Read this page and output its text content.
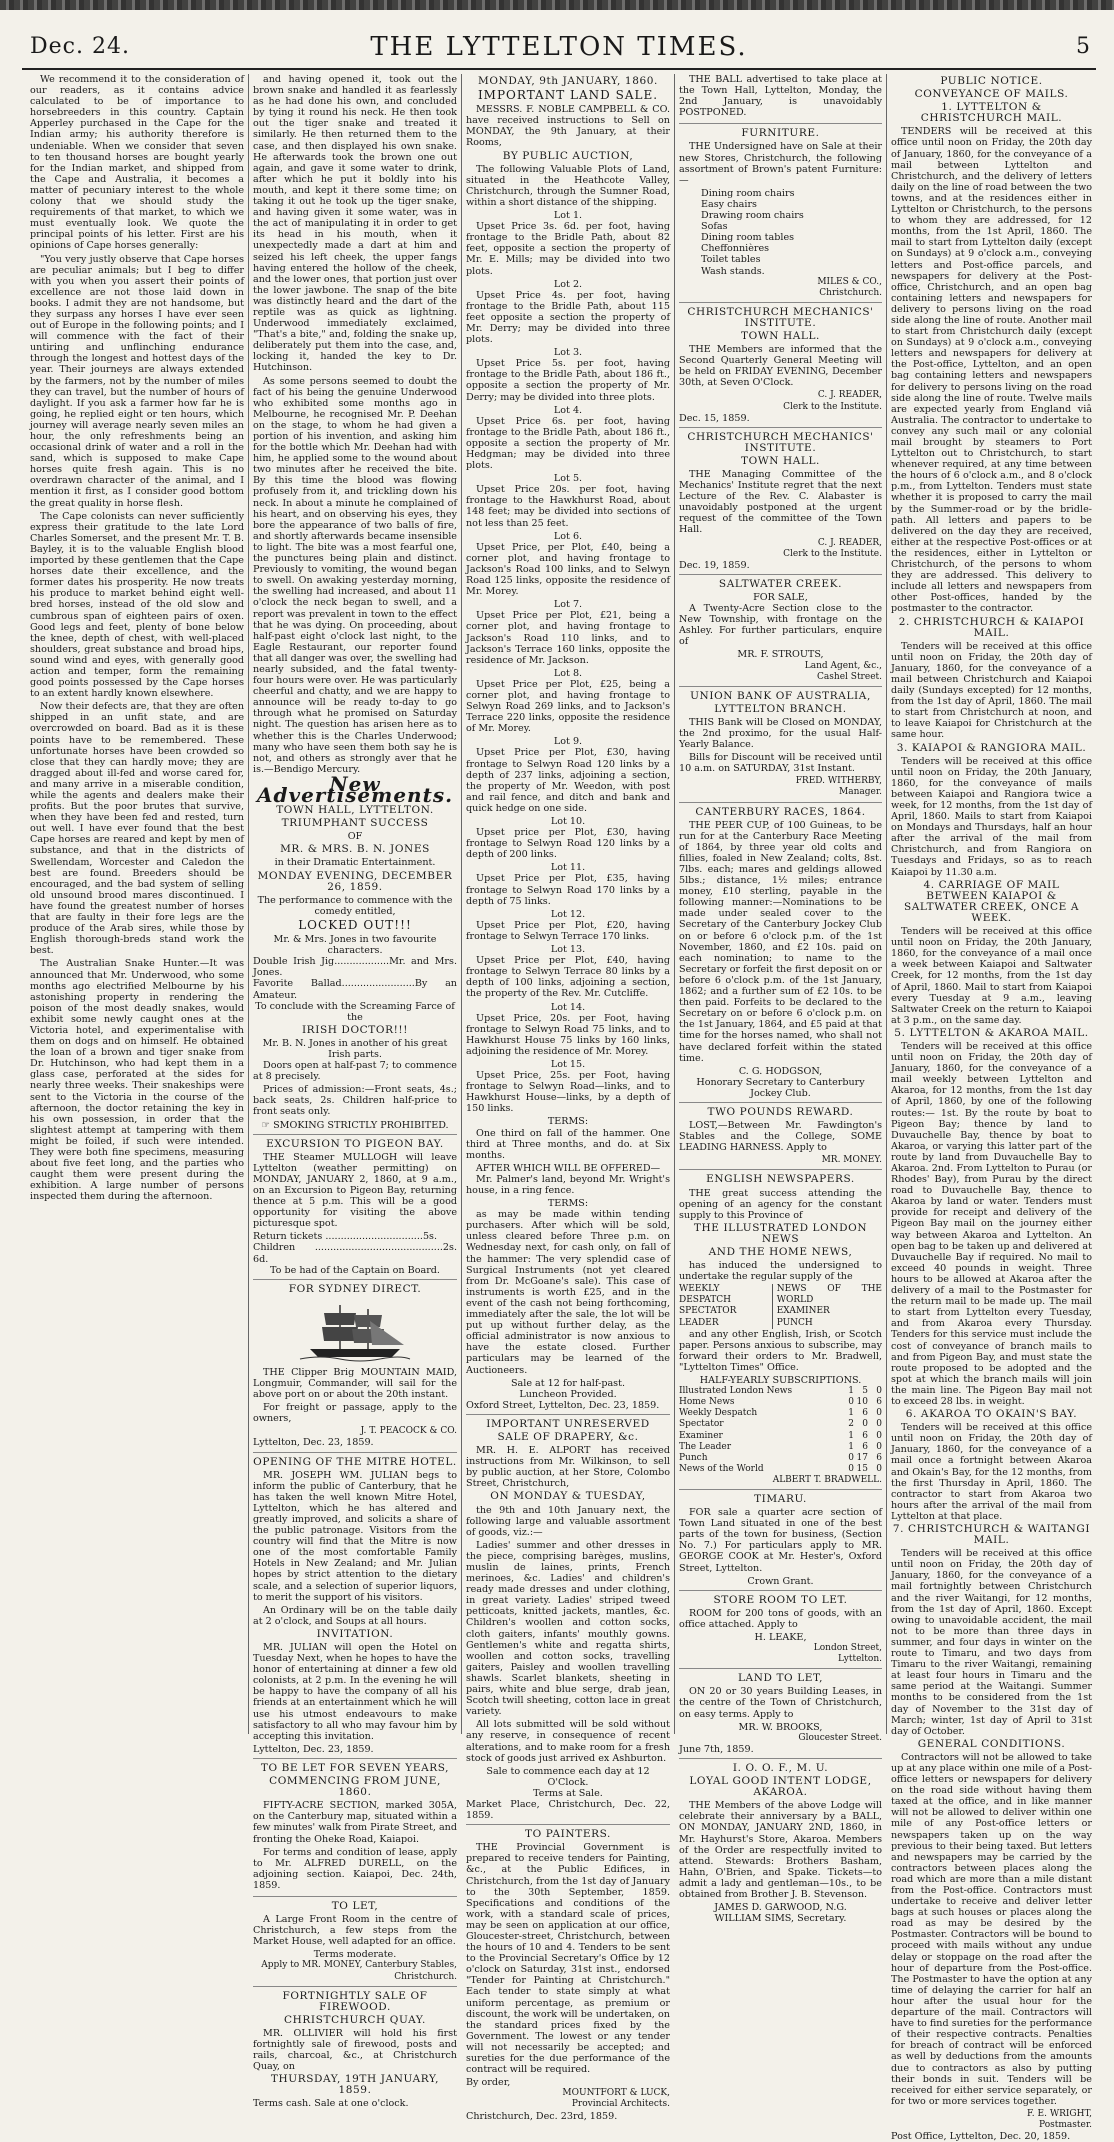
Dec. 24.	THE LYTTELTON TIMES.	5

We recommend it to the consideration of our readers, as it contains advice calculated to be of importance to horsebreeders in this country. Captain Apperley purchased in the Cape for the Indian army; his authority therefore is undeniable. When we consider that seven to ten thousand horses are bought yearly for the Indian market, and shipped from the Cape and Australia, it becomes a matter of pecuniary interest to the whole colony that we should study the requirements of that market, to which we must eventually look. We quote the principal points of his letter. First are his opinions of Cape horses generally:

"You very justly observe that Cape horses are peculiar animals; but I beg to differ with you when you assert their points of excellence are not those laid down in books. I admit they are not handsome, but they surpass any horses I have ever seen out of Europe in the following points; and I will commence with the fact of their untiring and unflinching endurance through the longest and hottest days of the year. Their journeys are always extended by the farmers, not by the number of miles they can travel, but the number of hours of daylight. If you ask a farmer how far he is going, he replied eight or ten hours, which journey will average nearly seven miles an hour, the only refreshments being an occasional drink of water and a roll in the sand, which is supposed to make Cape horses quite fresh again. This is no overdrawn character of the animal, and I mention it first, as I consider good bottom the great quality in horse flesh.

The Cape colonists can never sufficiently express their gratitude to the late Lord Charles Somerset, and the present Mr. T. B. Bayley, it is to the valuable English blood imported by these gentlemen that the Cape horses date their excellence, and the former dates his prosperity. He now treats his produce to market behind eight well-bred horses, instead of the old slow and cumbrous span of eighteen pairs of oxen. Good legs and feet, plenty of bone below the knee, depth of chest, with well-placed shoulders, great substance and broad hips, sound wind and eyes, with generally good action and temper, form the remaining good points possessed by the Cape horses to an extent hardly known elsewhere.

Now their defects are, that they are often shipped in an unfit state, and are overcrowded on board. Bad as it is these points have to be remembered. These unfortunate horses have been crowded so close that they can hardly move; they are dragged about ill-fed and worse cared for, and many arrive in a miserable condition, while the agents and dealers make their profits. But the poor brutes that survive, when they have been fed and rested, turn out well. I have ever found that the best Cape horses are reared and kept by men of substance, and that in the districts of Swellendam, Worcester and Caledon the best are found. Breeders should be encouraged, and the bad system of selling old unsound brood mares discontinued. I have found the greatest number of horses that are faulty in their fore legs are the produce of the Arab sires, while those by English thorough-breds stand work the best.

The Australian Snake Hunter.—It was announced that Mr. Underwood, who some months ago electrified Melbourne by his astonishing property in rendering the poison of the most deadly snakes, would exhibit some newly caught ones at the Victoria hotel, and experimentalise with them on dogs and on himself. He obtained the loan of a brown and tiger snake from Dr. Hutchinson, who had kept them in a glass case, perforated at the sides for nearly three weeks. Their snakeships were sent to the Victoria in the course of the afternoon, the doctor retaining the key in his own possession, in order that the slightest attempt at tampering with them might be foiled, if such were intended. They were both fine specimens, measuring about five feet long, and the parties who caught them were present during the exhibition. A large number of persons inspected them during the afternoon.

and having opened it, took out the brown snake and handled it as fearlessly as he had done his own, and concluded by tying it round his neck. He then took out the tiger snake and treated it similarly. He then returned them to the case, and then displayed his own snake. He afterwards took the brown one out again, and gave it some water to drink, after which he put it boldly into his mouth, and kept it there some time; on taking it out he took up the tiger snake, and having given it some water, was in the act of manipulating it in order to get its head in his mouth, when it unexpectedly made a dart at him and seized his left cheek, the upper fangs having entered the hollow of the cheek, and the lower ones, that portion just over the lower jawbone. The snap of the bite was distinctly heard and the dart of the reptile was as quick as lightning. Underwood immediately exclaimed, "That's a bite," and, folding the snake up, deliberately put them into the case, and, locking it, handed the key to Dr. Hutchinson.

As some persons seemed to doubt the fact of his being the genuine Underwood who exhibited some months ago in Melbourne, he recognised Mr. P. Deehan on the stage, to whom he had given a portion of his invention, and asking him for the bottle which Mr. Deehan had with him, he applied some to the wound about two minutes after he received the bite. By this time the blood was flowing profusely from it, and trickling down his neck. In about a minute he complained of his heart, and on observing his eyes, they bore the appearance of two balls of fire, and shortly afterwards became insensible to light. The bite was a most fearful one, the punctures being plain and distinct. Previously to vomiting, the wound began to swell. On awaking yesterday morning, the swelling had increased, and about 11 o'clock the neck began to swell, and a report was prevalent in town to the effect that he was dying. On proceeding, about half-past eight o'clock last night, to the Eagle Restaurant, our reporter found that all danger was over, the swelling had nearly subsided, and the fatal twenty-four hours were over. He was particularly cheerful and chatty, and we are happy to announce will be ready to-day to go through what he promised on Saturday night. The question has arisen here as to whether this is the Charles Underwood; many who have seen them both say he is not, and others as strongly aver that he is.—Bendigo Mercury.

New Advertisements.
TOWN HALL, LYTTELTON.
TRIUMPHANT SUCCESS
OF
MR. & MRS. B. N. JONES
in their Dramatic Entertainment.
MONDAY EVENING, DECEMBER 26, 1859.
The performance to commence with the comedy entitled,
LOCKED OUT!!!
Mr. & Mrs. Jones in two favourite characters.
Double Irish Jig..................Mr. and Mrs. Jones.
Favorite Ballad........................By an Amateur.
To conclude with the Screaming Farce of the
IRISH DOCTOR!!!
Mr. B. N. Jones in another of his great Irish parts.

Doors open at half-past 7; to commence at 8 precisely.

Prices of admission:—Front seats, 4s.; back seats, 2s. Children half-price to front seats only.

☞ SMOKING STRICTLY PROHIBITED.
EXCURSION TO PIGEON BAY.

THE Steamer MULLOGH will leave Lyttelton (weather permitting) on MONDAY, JANUARY 2, 1860, at 9 a.m., on an Excursion to Pigeon Bay, returning thence at 5 p.m. This will be a good opportunity for visiting the above picturesque spot.

Return tickets ................................5s.
Children ..........................................2s. 6d.
To be had of the Captain on Board.
FOR SYDNEY DIRECT.

THE Clipper Brig MOUNTAIN MAID, Longmuir, Commander, will sail for the above port on or about the 20th instant.

For freight or passage, apply to the owners,

J. T. PEACOCK & CO.
Lyttelton, Dec. 23, 1859.
OPENING OF THE MITRE HOTEL.

MR. JOSEPH WM. JULIAN begs to inform the public of Canterbury, that he has taken the well known Mitre Hotel, Lyttelton, which he has altered and greatly improved, and solicits a share of the public patronage. Visitors from the country will find that the Mitre is now one of the most comfortable Family Hotels in New Zealand; and Mr. Julian hopes by strict attention to the dietary scale, and a selection of superior liquors, to merit the support of his visitors.

An Ordinary will be on the table daily at 2 o'clock, and Soups at all hours.

INVITATION.

MR. JULIAN will open the Hotel on Tuesday Next, when he hopes to have the honor of entertaining at dinner a few old colonists, at 2 p.m. In the evening he will be happy to have the company of all his friends at an entertainment which he will use his utmost endeavours to make satisfactory to all who may favour him by accepting this invitation.

Lyttelton, Dec. 23, 1859.
TO BE LET FOR SEVEN YEARS,
COMMENCING FROM JUNE, 1860.

FIFTY-ACRE SECTION, marked 305A, on the Canterbury map, situated within a few minutes' walk from Pirate Street, and fronting the Oheke Road, Kaiapoi.

For terms and condition of lease, apply to Mr. ALFRED DURELL, on the adjoining section. Kaiapoi, Dec. 24th, 1859.

TO LET,

A Large Front Room in the centre of Christchurch, a few steps from the Market House, well adapted for an office.

Terms moderate.
Apply to MR. MONEY, Canterbury Stables, Christchurch.
FORTNIGHTLY SALE OF FIREWOOD.
CHRISTCHURCH QUAY.

MR. OLLIVIER will hold his first fortnightly sale of firewood, posts and rails, charcoal, &c., at Christchurch Quay, on

THURSDAY, 19TH JANUARY, 1859.
Terms cash. Sale at one o'clock.
MONDAY, 9th JANUARY, 1860.
IMPORTANT LAND SALE.

MESSRS. F. NOBLE CAMPBELL & CO. have received instructions to Sell on MONDAY, the 9th January, at their Rooms,

BY PUBLIC AUCTION,

The following Valuable Plots of Land, situated in the Heathcote Valley, Christchurch, through the Sumner Road, within a short distance of the shipping.

Lot 1.

Upset Price 3s. 6d. per foot, having frontage to the Bridle Path, about 82 feet, opposite a section the property of Mr. E. Mills; may be divided into two plots.

Lot 2.

Upset Price 4s. per foot, having frontage to the Bridle Path, about 115 feet opposite a section the property of Mr. Derry; may be divided into three plots.

Lot 3.

Upset Price 5s. per foot, having frontage to the Bridle Path, about 186 ft., opposite a section the property of Mr. Derry; may be divided into three plots.

Lot 4.

Upset Price 6s. per foot, having frontage to the Bridle Path, about 186 ft., opposite a section the property of Mr. Hedgman; may be divided into three plots.

Lot 5.

Upset Price 20s. per foot, having frontage to the Hawkhurst Road, about 148 feet; may be divided into sections of not less than 25 feet.

Lot 6.

Upset Price, per Plot, £40, being a corner plot, and having frontage to Jackson's Road 100 links, and to Selwyn Road 125 links, opposite the residence of Mr. Morey.

Lot 7.

Upset Price per Plot, £21, being a corner plot, and having frontage to Jackson's Road 110 links, and to Jackson's Terrace 160 links, opposite the residence of Mr. Jackson.

Lot 8.

Upset Price per Plot, £25, being a corner plot, and having frontage to Selwyn Road 269 links, and to Jackson's Terrace 220 links, opposite the residence of Mr. Morey.

Lot 9.

Upset Price per Plot, £30, having frontage to Selwyn Road 120 links by a depth of 237 links, adjoining a section, the property of Mr. Weedon, with post and rail fence, and ditch and bank and quick hedge on one side.

Lot 10.

Upset price per Plot, £30, having frontage to Selwyn Road 120 links by a depth of 200 links.

Lot 11.

Upset Price per Plot, £35, having frontage to Selwyn Road 170 links by a depth of 75 links.

Lot 12.

Upset Price per Plot, £20, having frontage to Selwyn Terrace 170 links.

Lot 13.

Upset Price per Plot, £40, having frontage to Selwyn Terrace 80 links by a depth of 100 links, adjoining a section, the property of the Rev. Mr. Cutcliffe.

Lot 14.

Upset Price, 20s. per Foot, having frontage to Selwyn Road 75 links, and to Hawkhurst House 75 links by 160 links, adjoining the residence of Mr. Morey.

Lot 15.

Upset Price, 25s. per Foot, having frontage to Selwyn Road—links, and to Hawkhurst House—links, by a depth of 150 links.

TERMS:

One third on fall of the hammer. One third at Three months, and do. at Six months.

AFTER WHICH WILL BE OFFERED—

Mr. Palmer's land, beyond Mr. Wright's house, in a ring fence.

TERMS:

as may be made within tending purchasers. After which will be sold, unless cleared before Three p.m. on Wednesday next, for cash only, on fall of the hammer: The very splendid case of Surgical Instruments (not yet cleared from Dr. McGoane's sale). This case of instruments is worth £25, and in the event of the cash not being forthcoming, immediately after the sale, the lot will be put up without further delay, as the official administrator is now anxious to have the estate closed. Further particulars may be learned of the Auctioneers.

Sale at 12 for half-past.
Luncheon Provided.
Oxford Street, Lyttelton, Dec. 23, 1859.
IMPORTANT UNRESERVED
SALE OF DRAPERY, &c.

MR. H. E. ALPORT has received instructions from Mr. Wilkinson, to sell by public auction, at her Store, Colombo Street, Christchurch,

ON MONDAY & TUESDAY,

the 9th and 10th January next, the following large and valuable assortment of goods, viz.:—

Ladies' summer and other dresses in the piece, comprising barèges, muslins, muslin de laines, prints, French merinoes, &c. Ladies' and children's ready made dresses and under clothing, in great variety. Ladies' striped tweed petticoats, knitted jackets, mantles, &c. Children's woollen and cotton socks, cloth gaiters, infants' mouthly gowns. Gentlemen's white and regatta shirts, woollen and cotton socks, travelling gaiters, Paisley and woollen travelling shawls. Scarlet blankets, sheeting in pairs, white and blue serge, drab jean, Scotch twill sheeting, cotton lace in great variety.

All lots submitted will be sold without any reserve, in consequence of recent alterations, and to make room for a fresh stock of goods just arrived ex Ashburton.

Sale to commence each day at 12 O'Clock.
Terms at Sale.
Market Place, Christchurch, Dec. 22, 1859.
TO PAINTERS.

THE Provincial Government is prepared to receive tenders for Painting, &c., at the Public Edifices, in Christchurch, from the 1st day of January to the 30th September, 1859. Specifications and conditions of the work, with a standard scale of prices, may be seen on application at our office, Gloucester-street, Christchurch, between the hours of 10 and 4. Tenders to be sent to the Provincial Secretary's Office by 12 o'clock on Saturday, 31st inst., endorsed "Tender for Painting at Christchurch." Each tender to state simply at what uniform percentage, as premium or discount, the work will be undertaken, on the standard prices fixed by the Government. The lowest or any tender will not necessarily be accepted; and sureties for the due performance of the contract will be required.

By order,
MOUNTFORT & LUCK,
Provincial Architects.
Christchurch, Dec. 23rd, 1859.

THE BALL advertised to take place at the Town Hall, Lyttelton, Monday, the 2nd January, is unavoidably POSTPONED.

FURNITURE.

THE Undersigned have on Sale at their new Stores, Christchurch, the following assortment of Brown's patent Furniture:—

Dining room chairs
Easy chairs
Drawing room chairs
Sofas
Dining room tables
Cheffonnières
Toilet tables
Wash stands.
MILES & CO.,
Christchurch.
CHRISTCHURCH MECHANICS' INSTITUTE.
TOWN HALL.

THE Members are informed that the Second Quarterly General Meeting will be held on FRIDAY EVENING, December 30th, at Seven O'Clock.

C. J. READER,
Clerk to the Institute.
Dec. 15, 1859.
CHRISTCHURCH MECHANICS' INSTITUTE.
TOWN HALL.

THE Managing Committee of the Mechanics' Institute regret that the next Lecture of the Rev. C. Alabaster is unavoidably postponed at the urgent request of the committee of the Town Hall.

C. J. READER,
Clerk to the Institute.
Dec. 19, 1859.
SALTWATER CREEK.
FOR SALE,

A Twenty-Acre Section close to the New Township, with frontage on the Ashley. For further particulars, enquire of

MR. F. STROUTS,
Land Agent, &c.,
Cashel Street.
UNION BANK OF AUSTRALIA,
LYTTELTON BRANCH.

THIS Bank will be Closed on MONDAY, the 2nd proximo, for the usual Half-Yearly Balance.

Bills for Discount will be received until 10 a.m. on SATURDAY, 31st Instant.

FRED. WITHERBY,
Manager.
CANTERBURY RACES, 1864.

THE PEER CUP, of 100 Guineas, to be run for at the Canterbury Race Meeting of 1864, by three year old colts and fillies, foaled in New Zealand; colts, 8st. 7lbs. each; mares and geldings allowed 5lbs.; distance, 1½ miles; entrance money, £10 sterling, payable in the following manner:—Nominations to be made under sealed cover to the Secretary of the Canterbury Jockey Club on or before 6 o'clock p.m. of the 1st November, 1860, and £2 10s. paid on each nomination; to name to the Secretary or forfeit the first deposit on or before 6 o'clock p.m. of the 1st January, 1862; and a further sum of £2 10s. to be then paid. Forfeits to be declared to the Secretary on or before 6 o'clock p.m. on the 1st January, 1864, and £5 paid at that time for the horses named, who shall not have declared forfeit within the stated time.

C. G. HODGSON,
Honorary Secretary to Canterbury Jockey Club.
TWO POUNDS REWARD.

LOST,—Between Mr. Fawdington's Stables and the College, SOME LEADING HARNESS. Apply to

MR. MONEY.
ENGLISH NEWSPAPERS.

THE great success attending the opening of an agency for the constant supply to this Province of

THE ILLUSTRATED LONDON NEWS
AND THE HOME NEWS,

has induced the undersigned to undertake the regular supply of the

WEEKLY DESPATCH	NEWS OF THE WORLD
SPECTATOR	EXAMINER
LEADER	PUNCH

and any other English, Irish, or Scotch paper. Persons anxious to subscribe, may forward their orders to Mr. Bradwell, "Lyttelton Times" Office.

HALF-YEARLY SUBSCRIPTIONS.
Illustrated London News	1	5	0
Home News	0	10	6
Weekly Despatch	1	6	0
Spectator	2	0	0
Examiner	1	6	0
The Leader	1	6	0
Punch	0	17	6
News of the World	0	15	0
ALBERT T. BRADWELL.
TIMARU.

FOR sale a quarter acre section of Town Land situated in one of the best parts of the town for business, (Section No. 7.) For particulars apply to MR. GEORGE COOK at Mr. Hester's, Oxford Street, Lyttelton.

Crown Grant.
STORE ROOM TO LET.

ROOM for 200 tons of goods, with an office attached. Apply to

H. LEAKE,
London Street,
Lyttelton.
LAND TO LET,

ON 20 or 30 years Building Leases, in the centre of the Town of Christchurch, on easy terms. Apply to

MR. W. BROOKS,
Gloucester Street.
June 7th, 1859.
I. O. O. F., M. U.
LOYAL GOOD INTENT LODGE, AKAROA.

THE Members of the above Lodge will celebrate their anniversary by a BALL, ON MONDAY, JANUARY 2ND, 1860, in Mr. Hayhurst's Store, Akaroa. Members of the Order are respectfully invited to attend. Stewards: Brothers Basham, Hahn, O'Brien, and Spake. Tickets—to admit a lady and gentleman—10s., to be obtained from Brother J. B. Stevenson.

JAMES D. GARWOOD, N.G.
WILLIAM SIMS, Secretary.
PUBLIC NOTICE.
CONVEYANCE OF MAILS.
1. LYTTELTON & CHRISTCHURCH MAIL.

TENDERS will be received at this office until noon on Friday, the 20th day of January, 1860, for the conveyance of a mail between Lyttelton and Christchurch, and the delivery of letters daily on the line of road between the two towns, and at the residences either in Lyttelton or Christchurch, to the persons to whom they are addressed, for 12 months, from the 1st April, 1860. The mail to start from Lyttelton daily (except on Sundays) at 9 o'clock a.m., conveying letters and Post-office parcels, and newspapers for delivery at the Post-office, Christchurch, and an open bag containing letters and newspapers for delivery to persons living on the road side along the line of route. Another mail to start from Christchurch daily (except on Sundays) at 9 o'clock a.m., conveying letters and newspapers for delivery at the Post-office, Lyttelton, and an open bag containing letters and newspapers for delivery to persons living on the road side along the line of route. Twelve mails are expected yearly from England viâ Australia. The contractor to undertake to convey any such mail or any colonial mail brought by steamers to Port Lyttelton out to Christchurch, to start whenever required, at any time between the hours of 6 o'clock a.m., and 8 o'clock p.m., from Lyttelton. Tenders must state whether it is proposed to carry the mail by the Summer-road or by the bridle-path. All letters and papers to be delivered on the day they are received, either at the respective Post-offices or at the residences, either in Lyttelton or Christchurch, of the persons to whom they are addressed. This delivery to include all letters and newspapers from other Post-offices, handed by the postmaster to the contractor.

2. CHRISTCHURCH & KAIAPOI MAIL.

Tenders will be received at this office until noon on Friday, the 20th day of January, 1860, for the conveyance of a mail between Christchurch and Kaiapoi daily (Sundays excepted) for 12 months, from the 1st day of April, 1860. The mail to start from Christchurch at noon, and to leave Kaiapoi for Christchurch at the same hour.

3. KAIAPOI & RANGIORA MAIL.

Tenders will be received at this office until noon on Friday, the 20th January, 1860, for the conveyance of mails between Kaiapoi and Rangiora twice a week, for 12 months, from the 1st day of April, 1860. Mails to start from Kaiapoi on Mondays and Thursdays, half an hour after the arrival of the mail from Christchurch, and from Rangiora on Tuesdays and Fridays, so as to reach Kaiapoi by 11.30 a.m.

4. CARRIAGE OF MAIL BETWEEN KAIAPOI & SALTWATER CREEK, ONCE A WEEK.

Tenders will be received at this office until noon on Friday, the 20th January, 1860, for the conveyance of a mail once a week between Kaiapoi and Saltwater Creek, for 12 months, from the 1st day of April, 1860. Mail to start from Kaiapoi every Tuesday at 9 a.m., leaving Saltwater Creek on the return to Kaiapoi at 3 p.m., on the same day.

5. LYTTELTON & AKAROA MAIL.

Tenders will be received at this office until noon on Friday, the 20th day of January, 1860, for the conveyance of a mail weekly between Lyttelton and Akaroa, for 12 months, from the 1st day of April, 1860, by one of the following routes:— 1st. By the route by boat to Pigeon Bay; thence by land to Duvauchelle Bay, thence by boat to Akaroa, or varying this latter part of the route by land from Duvauchelle Bay to Akaroa. 2nd. From Lyttelton to Purau (or Rhodes' Bay), from Purau by the direct road to Duvauchelle Bay, thence to Akaroa by land or water. Tenders must provide for receipt and delivery of the Pigeon Bay mail on the journey either way between Akaroa and Lyttelton. An open bag to be taken up and delivered at Duvauchelle Bay if required. No mail to exceed 40 pounds in weight. Three hours to be allowed at Akaroa after the delivery of a mail to the Postmaster for the return mail to be made up. The mail to start from Lyttelton every Tuesday, and from Akaroa every Thursday. Tenders for this service must include the cost of conveyance of branch mails to and from Pigeon Bay, and must state the route proposed to be adopted and the spot at which the branch mails will join the main line. The Pigeon Bay mail not to exceed 28 lbs. in weight.

6. AKAROA TO OKAIN'S BAY.

Tenders will be received at this office until noon on Friday, the 20th day of January, 1860, for the conveyance of a mail once a fortnight between Akaroa and Okain's Bay, for the 12 months, from the first Thursday in April, 1860. The contractor to start from Akaroa two hours after the arrival of the mail from Lyttelton at that place.

7. CHRISTCHURCH & WAITANGI MAIL.

Tenders will be received at this office until noon on Friday, the 20th day of January, 1860, for the conveyance of a mail fortnightly between Christchurch and the river Waitangi, for 12 months, from the 1st day of April, 1860. Except owing to unavoidable accident, the mail not to be more than three days in summer, and four days in winter on the route to Timaru, and two days from Timaru to the river Waitangi, remaining at least four hours in Timaru and the same period at the Waitangi. Summer months to be considered from the 1st day of November to the 31st day of March; winter, 1st day of April to 31st day of October.

GENERAL CONDITIONS.

Contractors will not be allowed to take up at any place within one mile of a Post-office letters or newspapers for delivery on the road side without having them taxed at the office, and in like manner will not be allowed to deliver within one mile of any Post-office letters or newspapers taken up on the way previous to their being taxed. But letters and newspapers may be carried by the contractors between places along the road which are more than a mile distant from the Post-office. Contractors must undertake to receive and deliver letter bags at such houses or places along the road as may be desired by the Postmaster. Contractors will be bound to proceed with mails without any undue delay or stoppage on the road after the hour of departure from the Post-office. The Postmaster to have the option at any time of delaying the carrier for half an hour after the usual hour for the departure of the mail. Contractors will have to find sureties for the performance of their respective contracts. Penalties for breach of contract will be enforced as well by deductions from the amounts due to contractors as also by putting their bonds in suit. Tenders will be received for either service separately, or for two or more services together.

F. E. WRIGHT,
Postmaster.
Post Office, Lyttelton, Dec. 20, 1859.
